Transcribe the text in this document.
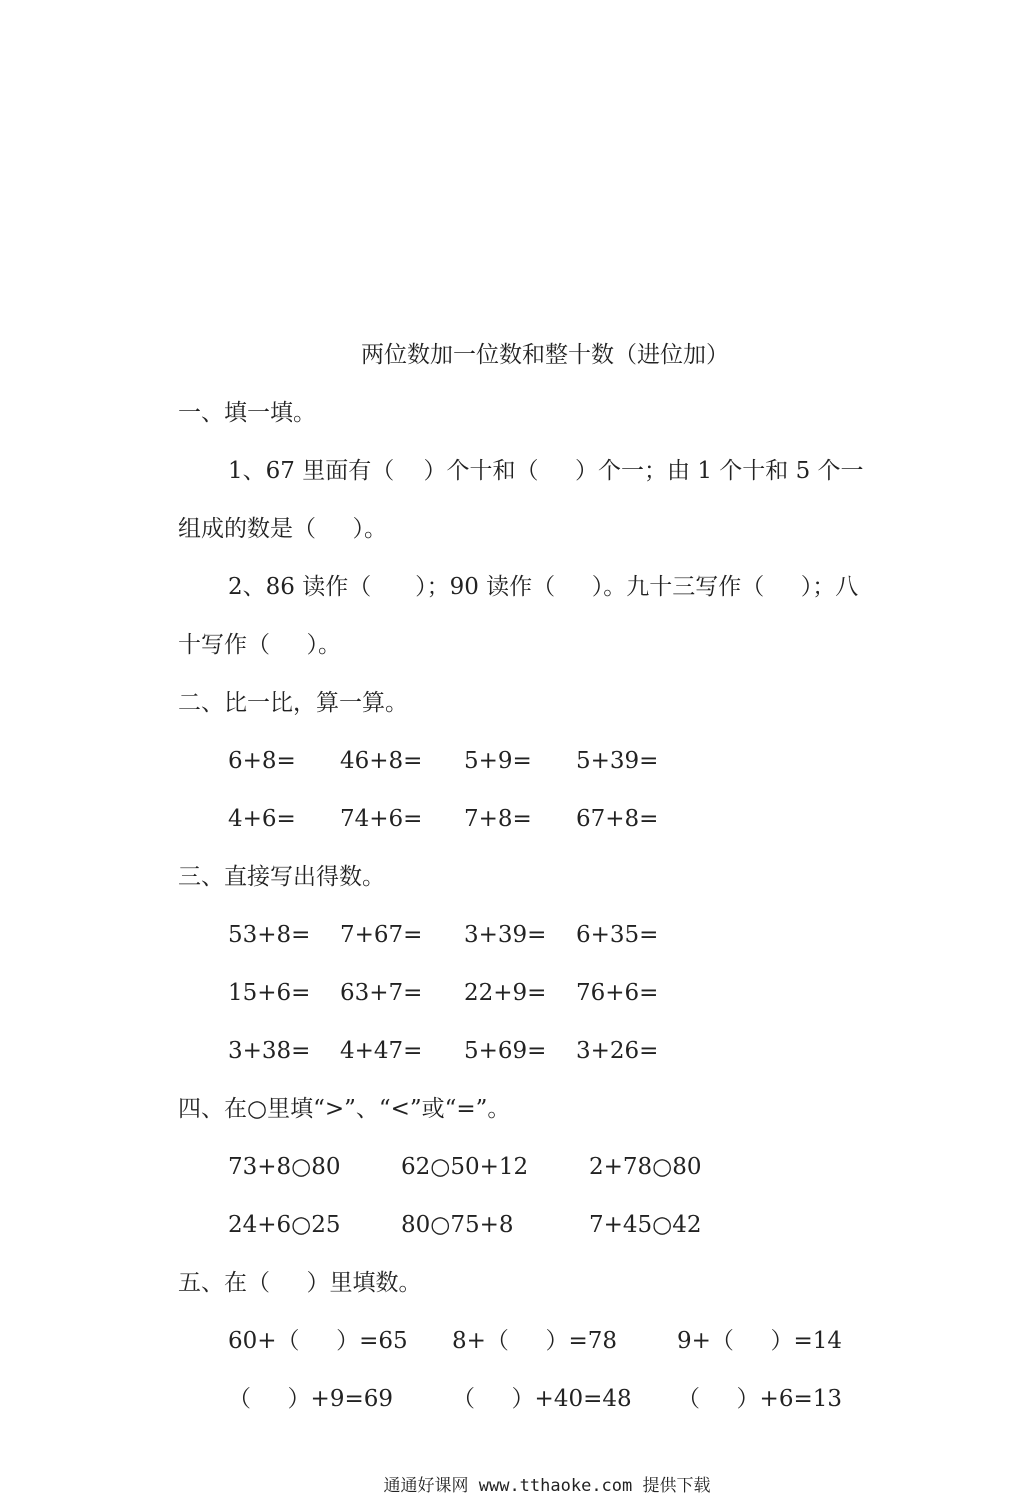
两位数加一位数和整十数（进位加）
一、填一填。
1、67 里面有（    ）个十和（     ）个一；由 1 个十和 5 个一
组成的数是（     ）。
2、86 读作（      ）；90 读作（     ）。九十三写作（     ）；八
十写作（     ）。
二、比一比，算一算。
6+8= 46+8= 5+9= 5+39=
4+6= 74+6= 7+8= 67+8=
三、直接写出得数。
53+8= 7+67= 3+39= 6+35=
15+6= 63+7= 22+9= 76+6=
3+38= 4+47= 5+69= 3+26=
四、在○里填“>”、“<”或“=”。
73+8○80	62○50+12	2+78○80
24+6○25	80○75+8	7+45○42
五、在（     ）里填数。
60+（     ）=65 8+（     ）=78	9+（     ）=14
（     ）+9=69	（     ）+40=48 （     ）+6=13
通通好课网 www.tthaoke.com 提供下载
